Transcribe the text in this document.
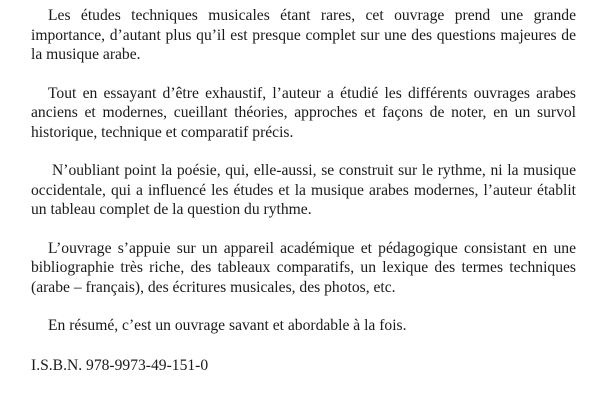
Les études techniques musicales étant rares, cet ouvrage prend une grande importance, d’autant plus qu’il est presque complet sur une des questions majeures de la musique arabe.

Tout en essayant d’être exhaustif, l’auteur a étudié les différents ouvrages arabes anciens et modernes, cueillant théories, approches et façons de noter, en un survol historique, technique et comparatif précis.

N’oubliant point la poésie, qui, elle-aussi, se construit sur le rythme, ni la musique occidentale, qui a influencé les études et la musique arabes modernes, l’auteur établit un tableau complet de la question du rythme.

L’ouvrage s’appuie sur un appareil académique et pédagogique consistant en une bibliographie très riche, des tableaux comparatifs, un lexique des termes techniques (arabe – français), des écritures musicales, des photos, etc.

En résumé, c’est un ouvrage savant et abordable à la fois.

I.S.B.N. 978-9973-49-151-0
